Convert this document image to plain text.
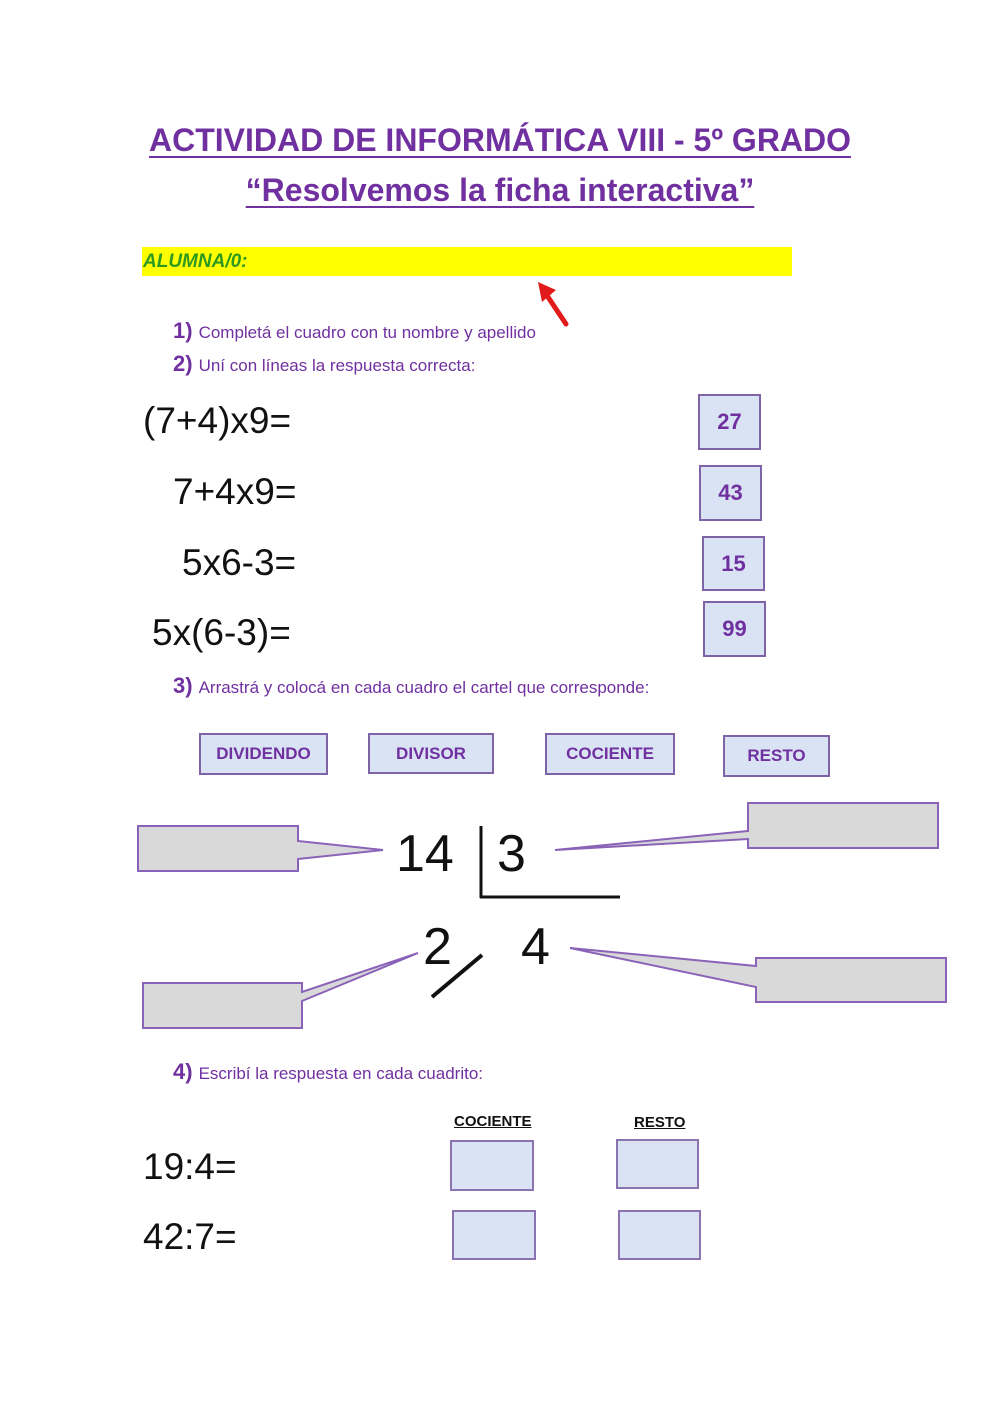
ACTIVIDAD DE INFORMÁTICA VIII - 5º GRADO
“Resolvemos la ficha interactiva”
ALUMNA/0:
1) Completá el cuadro con tu nombre y apellido
2) Uní con líneas la respuesta correcta:
(7+4)x9=
7+4x9=
5x6-3=
5x(6-3)=
27
43
15
99
3) Arrastrá y colocá en cada cuadro el cartel que corresponde:
DIVIDENDO	DIVISOR	COCIENTE	RESTO
14 3
2 4
4) Escribí la respuesta en cada cuadrito:
COCIENTE	RESTO
19:4=
42:7=
